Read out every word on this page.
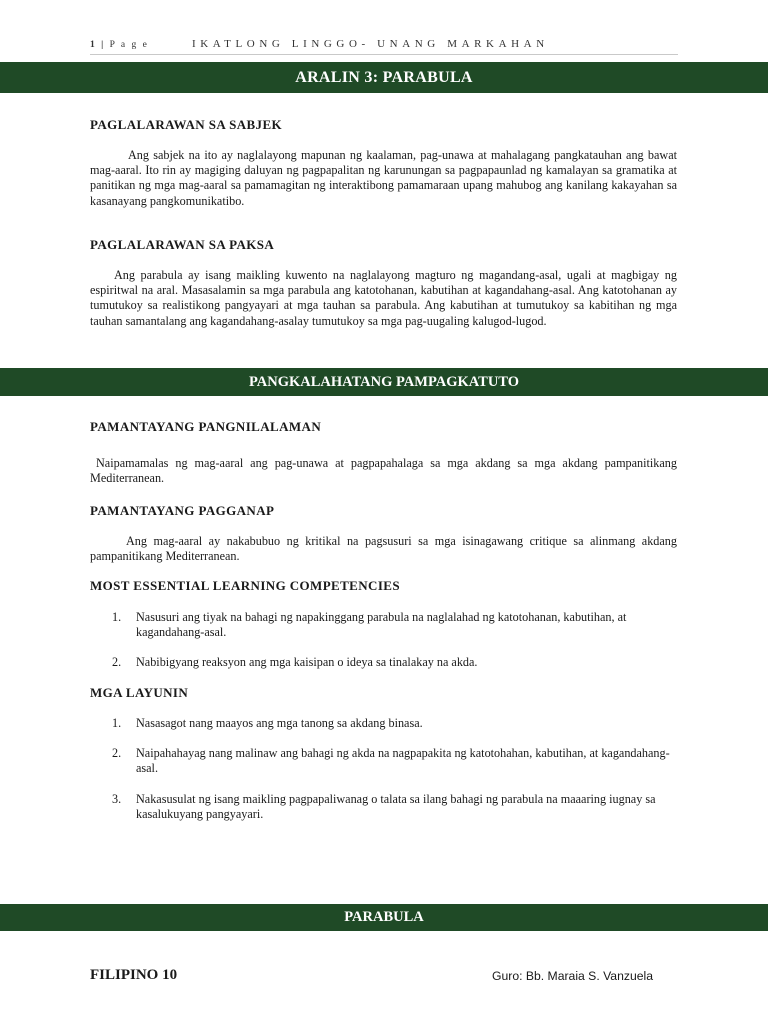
1 | P a g e	IKATLONG LINGGO- UNANG MARKAHAN
ARALIN 3: PARABULA
PAGLALARAWAN SA SABJEK
Ang sabjek na ito ay naglalayong mapunan ng kaalaman, pag-unawa at mahalagang pangkatauhan ang bawat mag-aaral. Ito rin ay magiging daluyan ng pagpapalitan ng karunungan sa pagpapaunlad ng kamalayan sa gramatika at panitikan ng mga mag-aaral sa pamamagitan ng interaktibong pamamaraan upang mahubog ang kanilang kakayahan sa kasanayang pangkomunikatibo.
PAGLALARAWAN SA PAKSA
Ang parabula ay isang maikling kuwento na naglalayong magturo ng magandang-asal, ugali at magbigay ng espiritwal na aral. Masasalamin sa mga parabula ang katotohanan, kabutihan at kagandahang-asal. Ang katotohanan ay tumutukoy sa realistikong pangyayari at mga tauhan sa parabula. Ang kabutihan at tumutukoy sa kabitihan ng mga tauhan samantalang ang kagandahang-asalay tumutukoy sa mga pag-uugaling kalugod-lugod.
PANGKALAHATANG PAMPAGKATUTO
PAMANTAYANG PANGNILALAMAN
Naipamamalas ng mag-aaral ang pag-unawa at pagpapahalaga sa mga akdang sa mga akdang pampanitikang Mediterranean.
PAMANTAYANG PAGGANAP
Ang mag-aaral ay nakabubuo ng kritikal na pagsusuri sa mga isinagawang critique sa alinmang akdang pampanitikang Mediterranean.
MOST ESSENTIAL LEARNING COMPETENCIES
1. Nasusuri ang tiyak na bahagi ng napakinggang parabula na naglalahad ng katotohanan, kabutihan, at kagandahang-asal.
2. Nabibigyang reaksyon ang mga kaisipan o ideya sa tinalakay na akda.
MGA LAYUNIN
1. Nasasagot nang maayos ang mga tanong sa akdang binasa.
2. Naipahahayag nang malinaw ang bahagi ng akda na nagpapakita ng katotohahan, kabutihan, at kagandahang-asal.
3. Nakasusulat ng isang maikling pagpapaliwanag o talata sa ilang bahagi ng parabula na maaaring iugnay sa kasalukuyang pangyayari.
PARABULA
FILIPINO 10	Guro: Bb. Maraia S. Vanzuela
